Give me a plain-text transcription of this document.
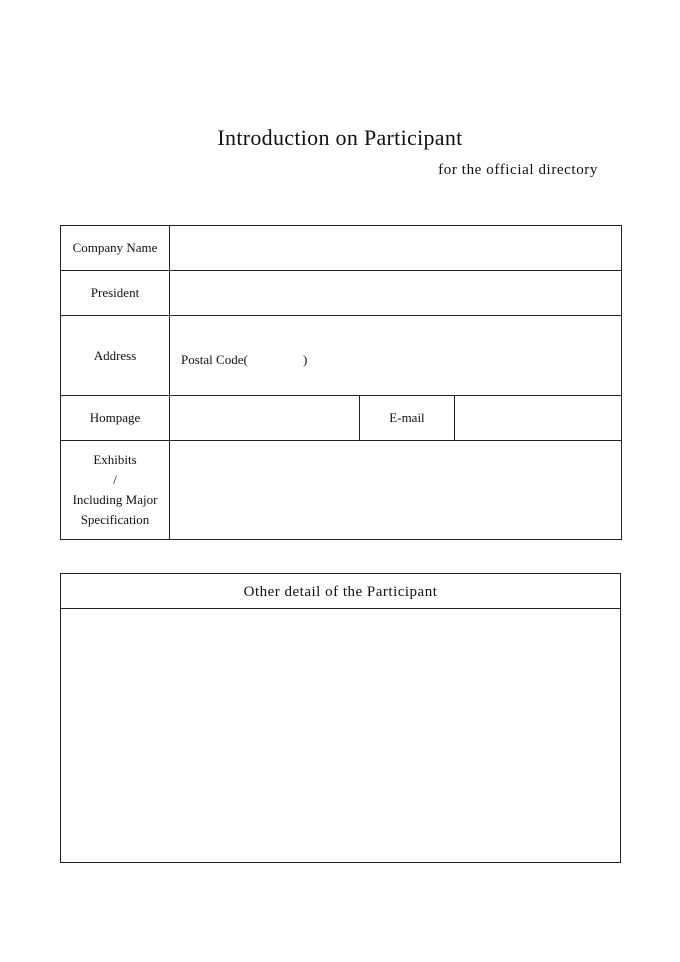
Introduction on Participant
for the official directory
Company Name			
President			
Address	Postal Code(                 )		

Hompage		E-mail	

Exhibits
/
Including Major
Specification			

Other detail of the Participant
